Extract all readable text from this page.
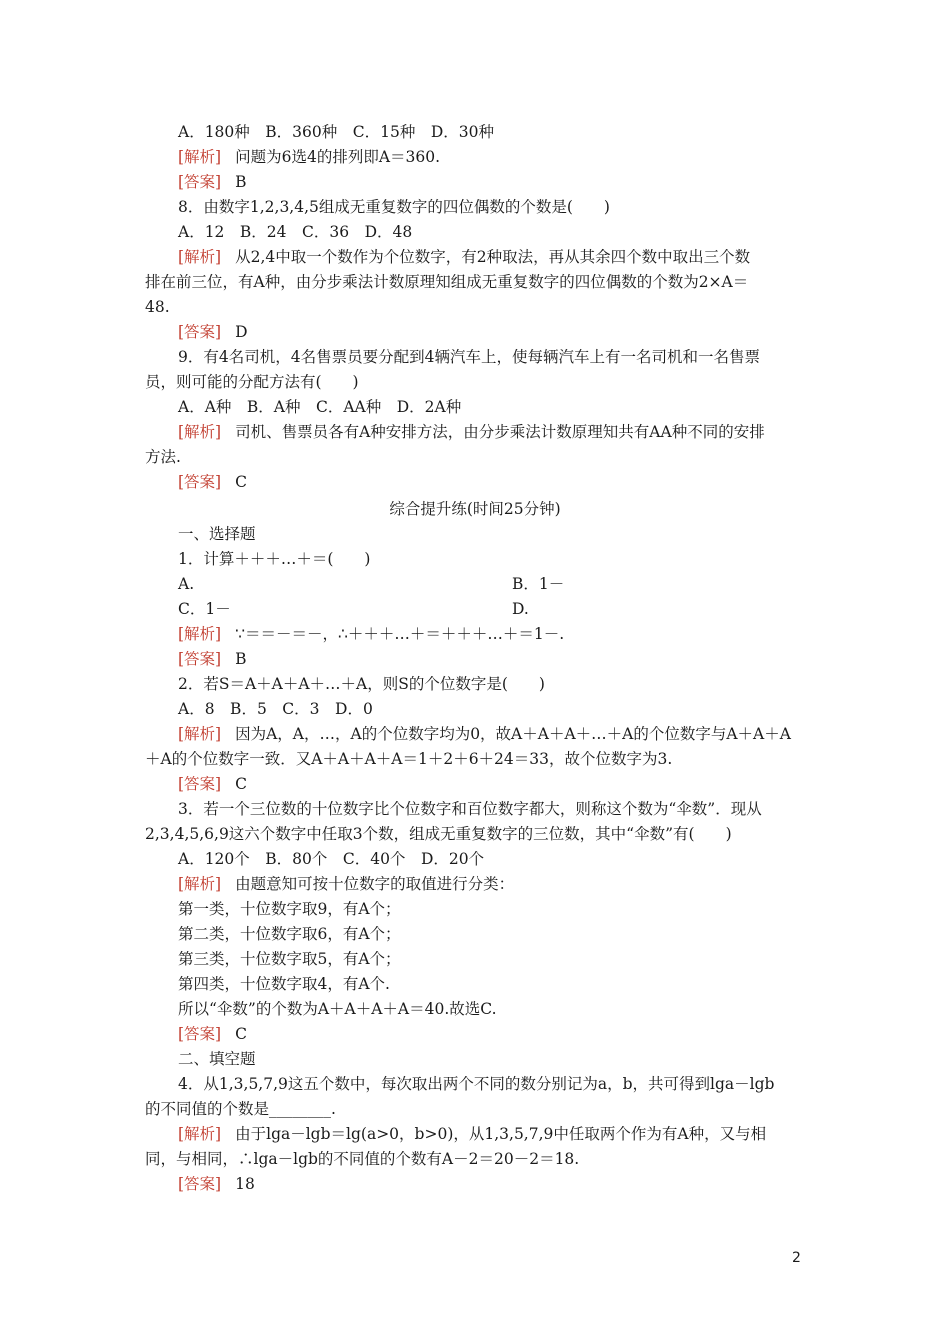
A．180种　B．360种　C．15种　D．30种
[解析] 问题为6选4的排列即A＝360.
[答案] B
8．由数字1,2,3,4,5组成无重复数字的四位偶数的个数是(　　)
A．12　B．24　C．36　D．48
[解析] 从2,4中取一个数作为个位数字，有2种取法，再从其余四个数中取出三个数
排在前三位，有A种，由分步乘法计数原理知组成无重复数字的四位偶数的个数为2×A＝
48.
[答案] D
9．有4名司机，4名售票员要分配到4辆汽车上，使每辆汽车上有一名司机和一名售票
员，则可能的分配方法有(　　)
A．A种　B．A种　C．AA种　D．2A种
[解析] 司机、售票员各有A种安排方法，由分步乘法计数原理知共有AA种不同的安排
方法.
[答案] C
综合提升练(时间25分钟)
一、选择题
1．计算＋＋＋…＋＝(　　)
A.	B．1－
C．1－	D.
[解析] ∵＝＝－＝－，∴＋＋＋…＋＝＋＋＋…＋＝1－.
[答案] B
2．若S＝A＋A＋A＋…＋A，则S的个位数字是(　　)
A．8　B．5　C．3　D．0
[解析] 因为A，A，…，A的个位数字均为0，故A＋A＋A＋…＋A的个位数字与A＋A＋A
＋A的个位数字一致．又A＋A＋A＋A＝1＋2＋6＋24＝33，故个位数字为3.
[答案] C
3．若一个三位数的十位数字比个位数字和百位数字都大，则称这个数为“伞数”．现从
2,3,4,5,6,9这六个数字中任取3个数，组成无重复数字的三位数，其中“伞数”有(　　)
A．120个　B．80个　C．40个　D．20个
[解析] 由题意知可按十位数字的取值进行分类：
第一类，十位数字取9，有A个；
第二类，十位数字取6，有A个；
第三类，十位数字取5，有A个；
第四类，十位数字取4，有A个.
所以“伞数”的个数为A＋A＋A＋A＝40.故选C.
[答案] C
二、填空题
4．从1,3,5,7,9这五个数中，每次取出两个不同的数分别记为a，b，共可得到lga－lgb
的不同值的个数是________.
[解析] 由于lga－lgb＝lg(a>0，b>0)，从1,3,5,7,9中任取两个作为有A种，又与相
同，与相同，∴lga－lgb的不同值的个数有A－2＝20－2＝18.
[答案] 18
2
